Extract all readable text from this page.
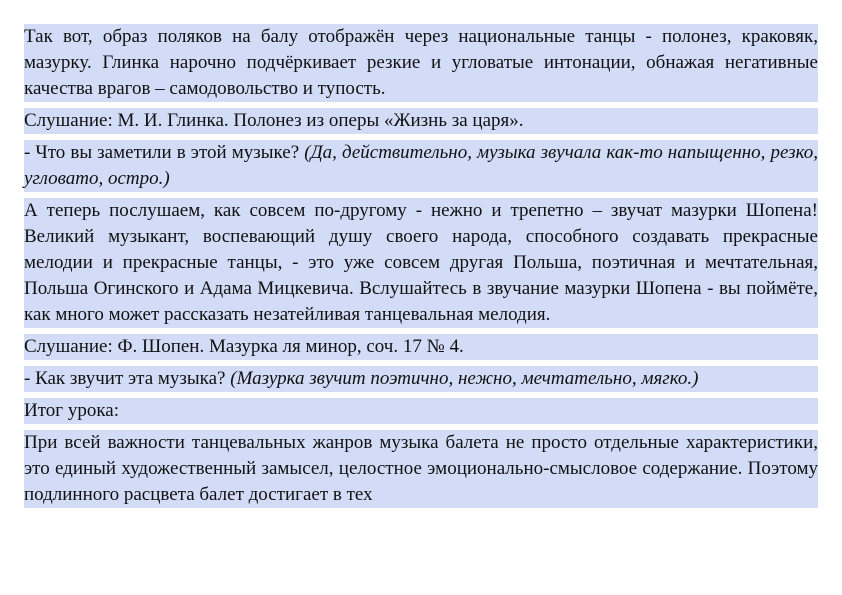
Так вот, образ поляков на балу отображён через национальные танцы - полонез, краковяк, мазурку. Глинка нарочно подчёркивает резкие и угловатые интонации, обнажая негативные качества врагов – самодовольство и тупость.

Слушание: М. И. Глинка. Полонез из оперы «Жизнь за царя».

- Что вы заметили в этой музыке? (Да, действительно, музыка звучала как-то напыщенно, резко, угловато, остро.)

А теперь послушаем, как совсем по-другому - нежно и трепетно – звучат мазурки Шопена! Великий музыкант, воспевающий душу своего народа, способного создавать прекрасные мелодии и прекрасные танцы, - это уже совсем другая Польша, поэтичная и мечтательная, Польша Огинского и Адама Мицкевича. Вслушайтесь в звучание мазурки Шопена - вы поймёте, как много может рассказать незатейливая танцевальная мелодия.

Слушание: Ф. Шопен. Мазурка ля минор, соч. 17 № 4.

- Как звучит эта музыка? (Мазурка звучит поэтично, нежно, мечтательно, мягко.)

Итог урока:

При всей важности танцевальных жанров музыка балета не просто отдельные характеристики, это единый художественный замысел, целостное эмоционально-смысловое содержание. Поэтому подлинного расцвета балет достигает в тех
